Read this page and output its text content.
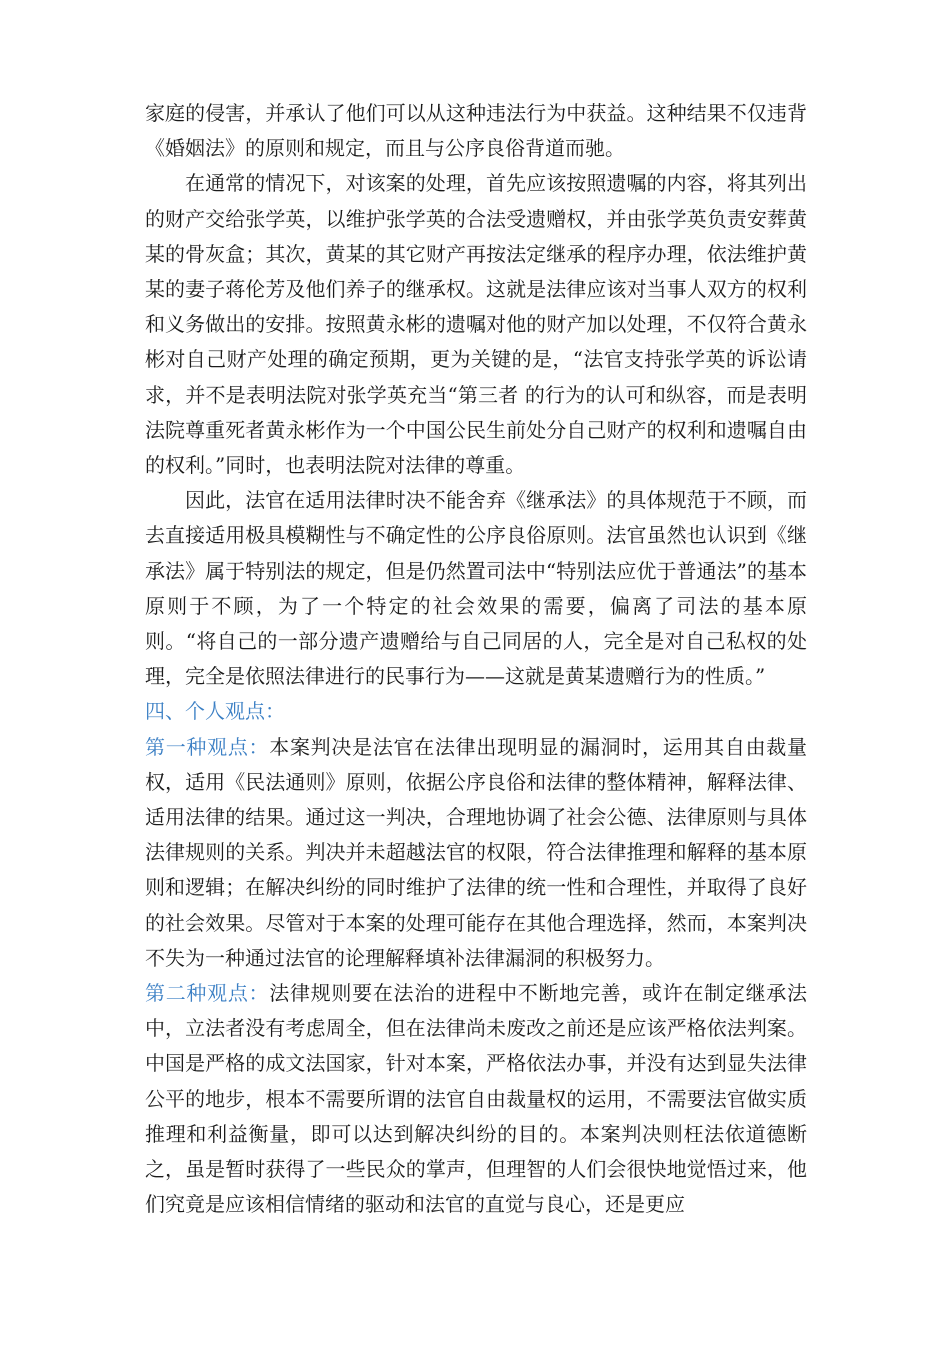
家庭的侵害，并承认了他们可以从这种违法行为中获益。这种结果不仅违背《婚姻法》的原则和规定，而且与公序良俗背道而驰。

在通常的情况下，对该案的处理，首先应该按照遗嘱的内容，将其列出的财产交给张学英，以维护张学英的合法受遗赠权，并由张学英负责安葬黄某的骨灰盒；其次，黄某的其它财产再按法定继承的程序办理，依法维护黄某的妻子蒋伦芳及他们养子的继承权。这就是法律应该对当事人双方的权利和义务做出的安排。按照黄永彬的遗嘱对他的财产加以处理，不仅符合黄永彬对自己财产处理的确定预期，更为关键的是，“法官支持张学英的诉讼请求，并不是表明法院对张学英充当“第三者 的行为的认可和纵容，而是表明法院尊重死者黄永彬作为一个中国公民生前处分自己财产的权利和遗嘱自由的权利。”同时，也表明法院对法律的尊重。

因此，法官在适用法律时决不能舍弃《继承法》的具体规范于不顾，而去直接适用极具模糊性与不确定性的公序良俗原则。法官虽然也认识到《继承法》属于特别法的规定，但是仍然置司法中“特别法应优于普通法”的基本原则于不顾，为了一个特定的社会效果的需要，偏离了司法的基本原则。“将自己的一部分遗产遗赠给与自己同居的人，完全是对自己私权的处理，完全是依照法律进行的民事行为——这就是黄某遗赠行为的性质。”

四、个人观点：

第一种观点：本案判决是法官在法律出现明显的漏洞时，运用其自由裁量权，适用《民法通则》原则，依据公序良俗和法律的整体精神，解释法律、适用法律的结果。通过这一判决，合理地协调了社会公德、法律原则与具体法律规则的关系。判决并未超越法官的权限，符合法律推理和解释的基本原则和逻辑；在解决纠纷的同时维护了法律的统一性和合理性，并取得了良好的社会效果。尽管对于本案的处理可能存在其他合理选择，然而，本案判决不失为一种通过法官的论理解释填补法律漏洞的积极努力。

第二种观点：法律规则要在法治的进程中不断地完善，或许在制定继承法中，立法者没有考虑周全，但在法律尚未废改之前还是应该严格依法判案。 中国是严格的成文法国家，针对本案，严格依法办事，并没有达到显失法律公平的地步，根本不需要所谓的法官自由裁量权的运用，不需要法官做实质推理和利益衡量，即可以达到解决纠纷的目的。本案判决则枉法依道德断之，虽是暂时获得了一些民众的掌声，但理智的人们会很快地觉悟过来，他们究竟是应该相信情绪的驱动和法官的直觉与良心，还是更应
